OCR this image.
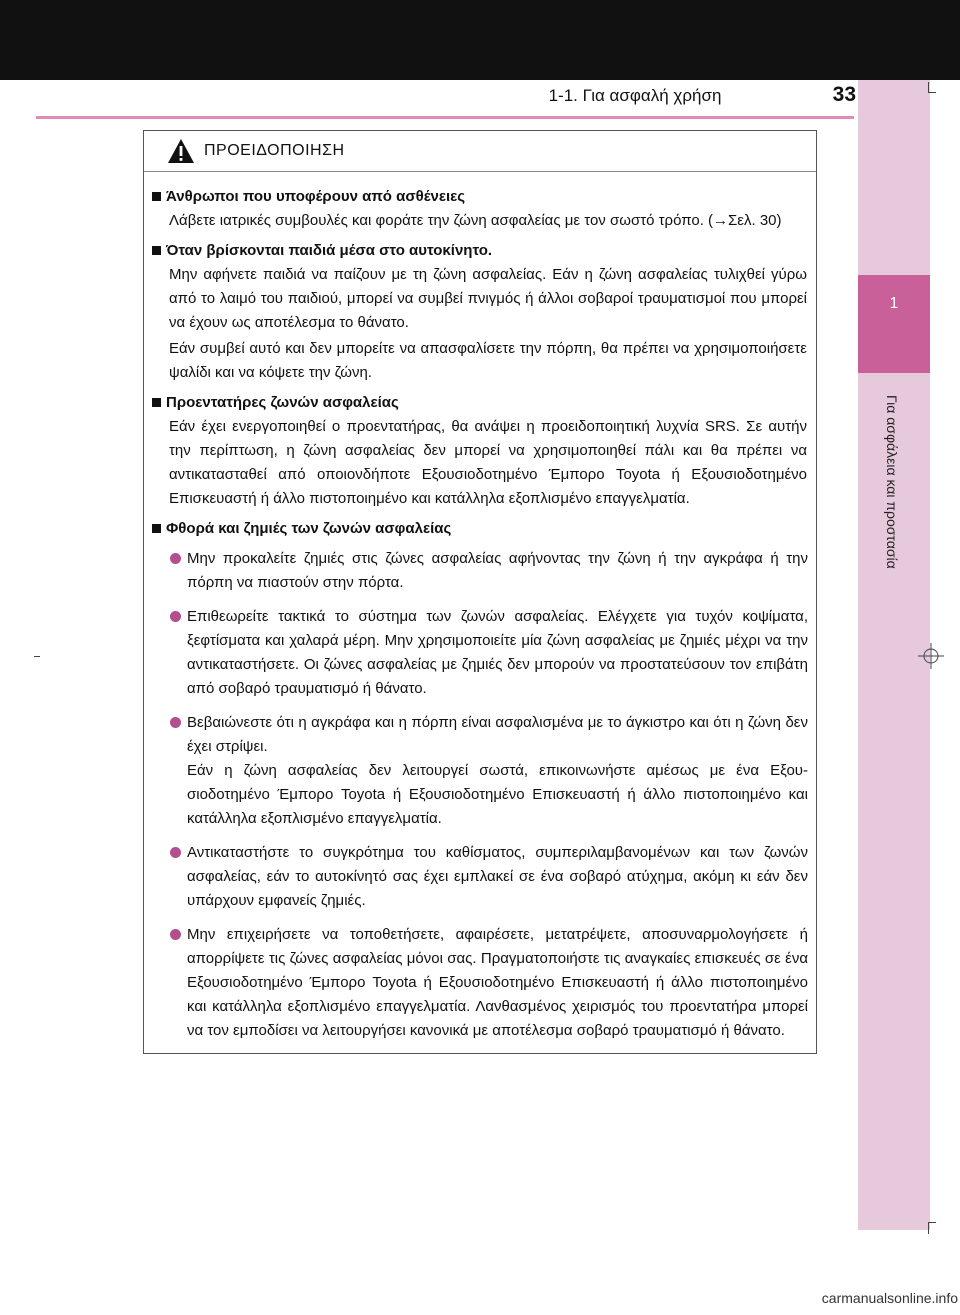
1-1. Για ασφαλή χρήση	33
1
Για ασφάλεια και προστασία
ΠΡΟΕΙΔΟΠΟΙΗΣΗ
Άνθρωποι που υποφέρουν από ασθένειες
Λάβετε ιατρικές συμβουλές και φοράτε την ζώνη ασφαλείας με τον σωστό τρόπο. (→Σελ. 30)
Όταν βρίσκονται παιδιά μέσα στο αυτοκίνητο.
Μην αφήνετε παιδιά να παίζουν με τη ζώνη ασφαλείας. Εάν η ζώνη ασφαλείας τυλιχθεί γύρω από το λαιμό του παιδιού, μπορεί να συμβεί πνιγμός ή άλλοι σοβαροί τραυματισμοί που μπορεί να έχουν ως αποτέλεσμα το θάνατο.
Εάν συμβεί αυτό και δεν μπορείτε να απασφαλίσετε την πόρπη, θα πρέπει να χρησιμοποιήσετε ψαλίδι και να κόψετε την ζώνη.
Προεντατήρες ζωνών ασφαλείας
Εάν έχει ενεργοποιηθεί ο προεντατήρας, θα ανάψει η προειδοποιητική λυχνία SRS. Σε αυτήν την περίπτωση, η ζώνη ασφαλείας δεν μπορεί να χρησιμοποιηθεί πάλι και θα πρέπει να αντικατασταθεί από οποιονδήποτε Εξουσιοδοτημένο Έμπορο Toyota ή Εξουσιοδοτημένο Επισκευαστή ή άλλο πιστοποιημένο και κατάλληλα εξοπλισμένο επαγγελματία.
Φθορά και ζημιές των ζωνών ασφαλείας
Μην προκαλείτε ζημιές στις ζώνες ασφαλείας αφήνοντας την ζώνη ή την αγκράφα ή την πόρπη να πιαστούν στην πόρτα.
Επιθεωρείτε τακτικά το σύστημα των ζωνών ασφαλείας. Ελέγχετε για τυχόν κοψίματα, ξεφτίσματα και χαλαρά μέρη. Μην χρησιμοποιείτε μία ζώνη ασφαλείας με ζημιές μέχρι να την αντικαταστήσετε. Οι ζώνες ασφαλείας με ζημιές δεν μπορούν να προστατεύσουν τον επιβάτη από σοβαρό τραυματισμό ή θάνατο.
Βεβαιώνεστε ότι η αγκράφα και η πόρπη είναι ασφαλισμένα με το άγκιστρο και ότι η ζώνη δεν έχει στρίψει.
Εάν η ζώνη ασφαλείας δεν λειτουργεί σωστά, επικοινωνήστε αμέσως με ένα Εξουσιοδοτημένο Έμπορο Toyota ή Εξουσιοδοτημένο Επισκευαστή ή άλλο πιστοποιημένο και κατάλληλα εξοπλισμένο επαγγελματία.
Αντικαταστήστε το συγκρότημα του καθίσματος, συμπεριλαμβανομένων και των ζωνών ασφαλείας, εάν το αυτοκίνητό σας έχει εμπλακεί σε ένα σοβαρό ατύχημα, ακόμη κι εάν δεν υπάρχουν εμφανείς ζημιές.
Μην επιχειρήσετε να τοποθετήσετε, αφαιρέσετε, μετατρέψετε, αποσυναρμολογήσετε ή απορρίψετε τις ζώνες ασφαλείας μόνοι σας. Πραγματοποιήστε τις αναγκαίες επισκευές σε ένα Εξουσιοδοτημένο Έμπορο Toyota ή Εξουσιοδοτημένο Επισκευαστή ή άλλο πιστοποιημένο και κατάλληλα εξοπλισμένο επαγγελματία. Λανθασμένος χειρισμός του προεντατήρα μπορεί να τον εμποδίσει να λειτουργήσει κανονικά με αποτέλεσμα σοβαρό τραυματισμό ή θάνατο.
carmanualsonline.info
